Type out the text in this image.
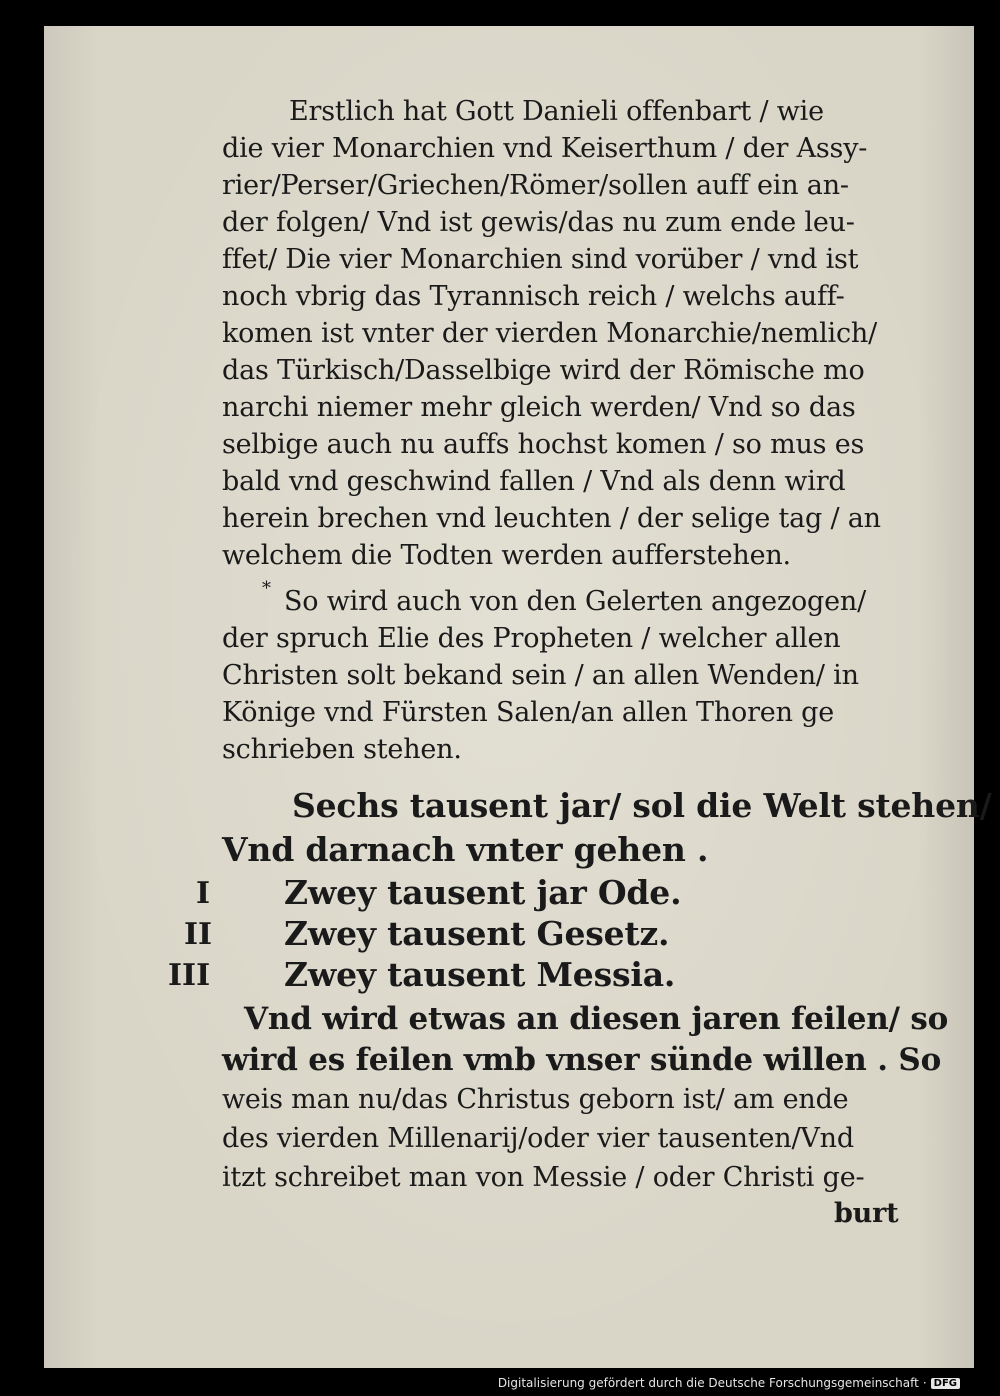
Erstlich hat Gott Danieli offenbart / wie
die vier Monarchien vnd Keiserthum / der Assy-
rier/Perser/Griechen/Römer/sollen auff ein an-
der folgen/ Vnd ist gewis/das nu zum ende leu-
ffet/ Die vier Monarchien sind vorüber / vnd ist
noch vbrig das Tyrannisch reich / welchs auff-
komen ist vnter der vierden Monarchie/nemlich/
das Türkisch/Dasselbige wird der Römische mo
narchi niemer mehr gleich werden/ Vnd so das
selbige auch nu auffs hochst komen / so mus es
bald vnd geschwind fallen / Vnd als denn wird
herein brechen vnd leuchten / der selige tag / an
welchem die Todten werden aufferstehen.
* So wird auch von den Gelerten angezogen/
der spruch Elie des Propheten / welcher allen
Christen solt bekand sein / an allen Wenden/ in
Könige vnd Fürsten Salen/an allen Thoren ge
schrieben stehen.
Sechs tausent jar/ sol die Welt stehen/
Vnd darnach vnter gehen .
I Zwey tausent jar Ode.
II Zwey tausent Gesetz.
III Zwey tausent Messia.
Vnd wird etwas an diesen jaren feilen/ so
wird es feilen vmb vnser sünde willen . So
weis man nu/das Christus geborn ist/ am ende
des vierden Millenarij/oder vier tausenten/Vnd
itzt schreibet man von Messie / oder Christi ge-
burt
Digitalisierung gefördert durch die Deutsche Forschungsgemeinschaft · DFG
